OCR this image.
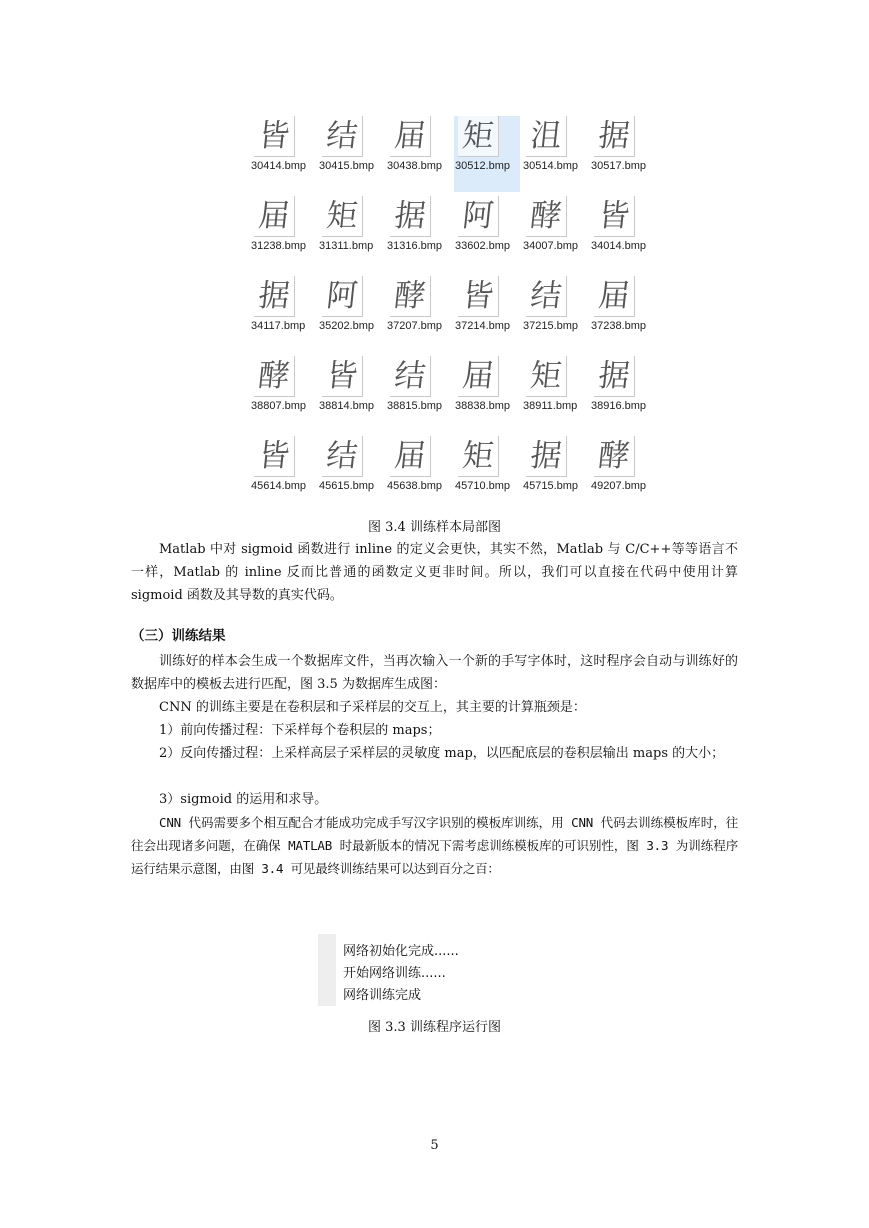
皆
30414.bmp
结
30415.bmp
届
30438.bmp
矩
30512.bmp
沮
30514.bmp
据
30517.bmp
届
31238.bmp
矩
31311.bmp
据
31316.bmp
阿
33602.bmp
酵
34007.bmp
皆
34014.bmp
据
34117.bmp
阿
35202.bmp
酵
37207.bmp
皆
37214.bmp
结
37215.bmp
届
37238.bmp
酵
38807.bmp
皆
38814.bmp
结
38815.bmp
届
38838.bmp
矩
38911.bmp
据
38916.bmp
皆
45614.bmp
结
45615.bmp
届
45638.bmp
矩
45710.bmp
据
45715.bmp
酵
49207.bmp
图 3.4 训练样本局部图
Matlab 中对 sigmoid 函数进行 inline 的定义会更快，其实不然，Matlab 与 C/C++等等语言不一样，Matlab 的 inline 反而比普通的函数定义更非时间。所以，我们可以直接在代码中使用计算 sigmoid 函数及其导数的真实代码。
（三）训练结果
训练好的样本会生成一个数据库文件，当再次输入一个新的手写字体时，这时程序会自动与训练好的数据库中的模板去进行匹配，图 3.5 为数据库生成图：
CNN 的训练主要是在卷积层和子采样层的交互上，其主要的计算瓶颈是：
1）前向传播过程：下采样每个卷积层的 maps；
2）反向传播过程：上采样高层子采样层的灵敏度 map，以匹配底层的卷积层输出 maps 的大小；
3）sigmoid 的运用和求导。
CNN 代码需要多个相互配合才能成功完成手写汉字识别的模板库训练，用 CNN 代码去训练模板库时，往往会出现诸多问题，在确保 MATLAB 时最新版本的情况下需考虑训练模板库的可识别性，图 3.3 为训练程序运行结果示意图，由图 3.4 可见最终训练结果可以达到百分之百：
网络初始化完成......
开始网络训练......
网络训练完成
图 3.3 训练程序运行图
5
